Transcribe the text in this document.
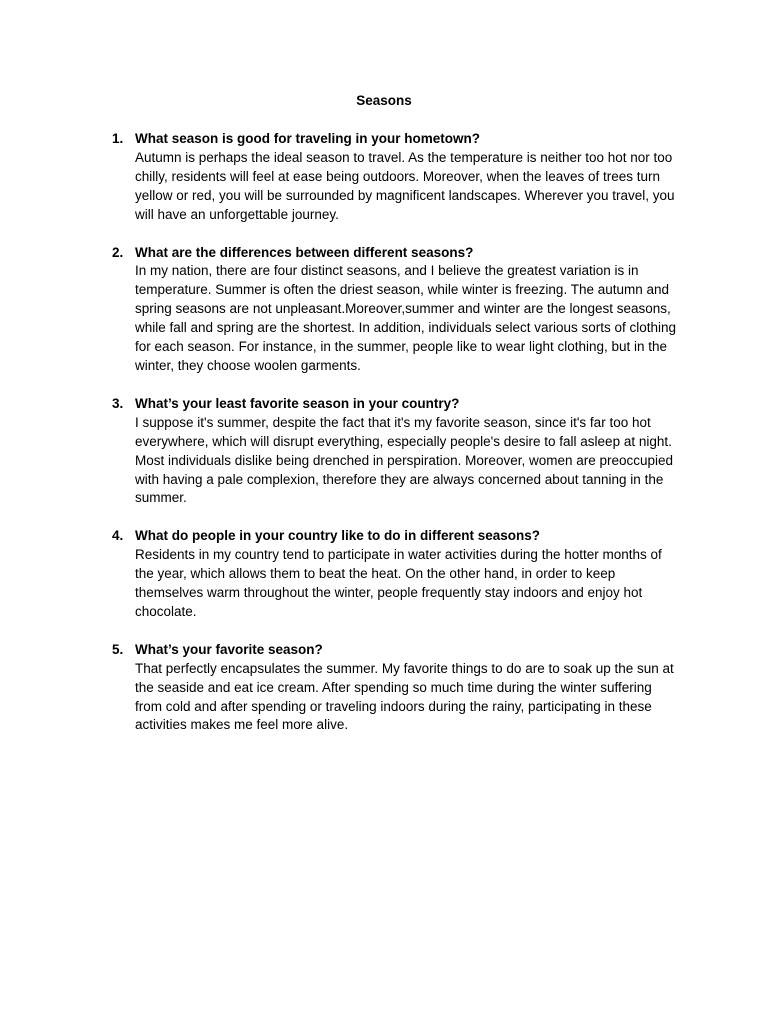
Seasons
1. What season is good for traveling in your hometown?
Autumn is perhaps the ideal season to travel. As the temperature is neither too hot nor too chilly, residents will feel at ease being outdoors. Moreover, when the leaves of trees turn yellow or red, you will be surrounded by magnificent landscapes. Wherever you travel, you will have an unforgettable journey.
2. What are the differences between different seasons?
In my nation, there are four distinct seasons, and I believe the greatest variation is in temperature. Summer is often the driest season, while winter is freezing. The autumn and spring seasons are not unpleasant.Moreover,summer and winter are the longest seasons, while fall and spring are the shortest. In addition, individuals select various sorts of clothing for each season. For instance, in the summer, people like to wear light clothing, but in the winter, they choose woolen garments.
3. What’s your least favorite season in your country?
I suppose it's summer, despite the fact that it's my favorite season, since it's far too hot everywhere, which will disrupt everything, especially people's desire to fall asleep at night. Most individuals dislike being drenched in perspiration. Moreover, women are preoccupied with having a pale complexion, therefore they are always concerned about tanning in the summer.
4. What do people in your country like to do in different seasons?
Residents in my country tend to participate in water activities during the hotter months of the year, which allows them to beat the heat. On the other hand, in order to keep themselves warm throughout the winter, people frequently stay indoors and enjoy hot chocolate.
5. What’s your favorite season?
That perfectly encapsulates the summer. My favorite things to do are to soak up the sun at the seaside and eat ice cream. After spending so much time during the winter suffering from cold and after spending or traveling indoors during the rainy, participating in these activities makes me feel more alive.
